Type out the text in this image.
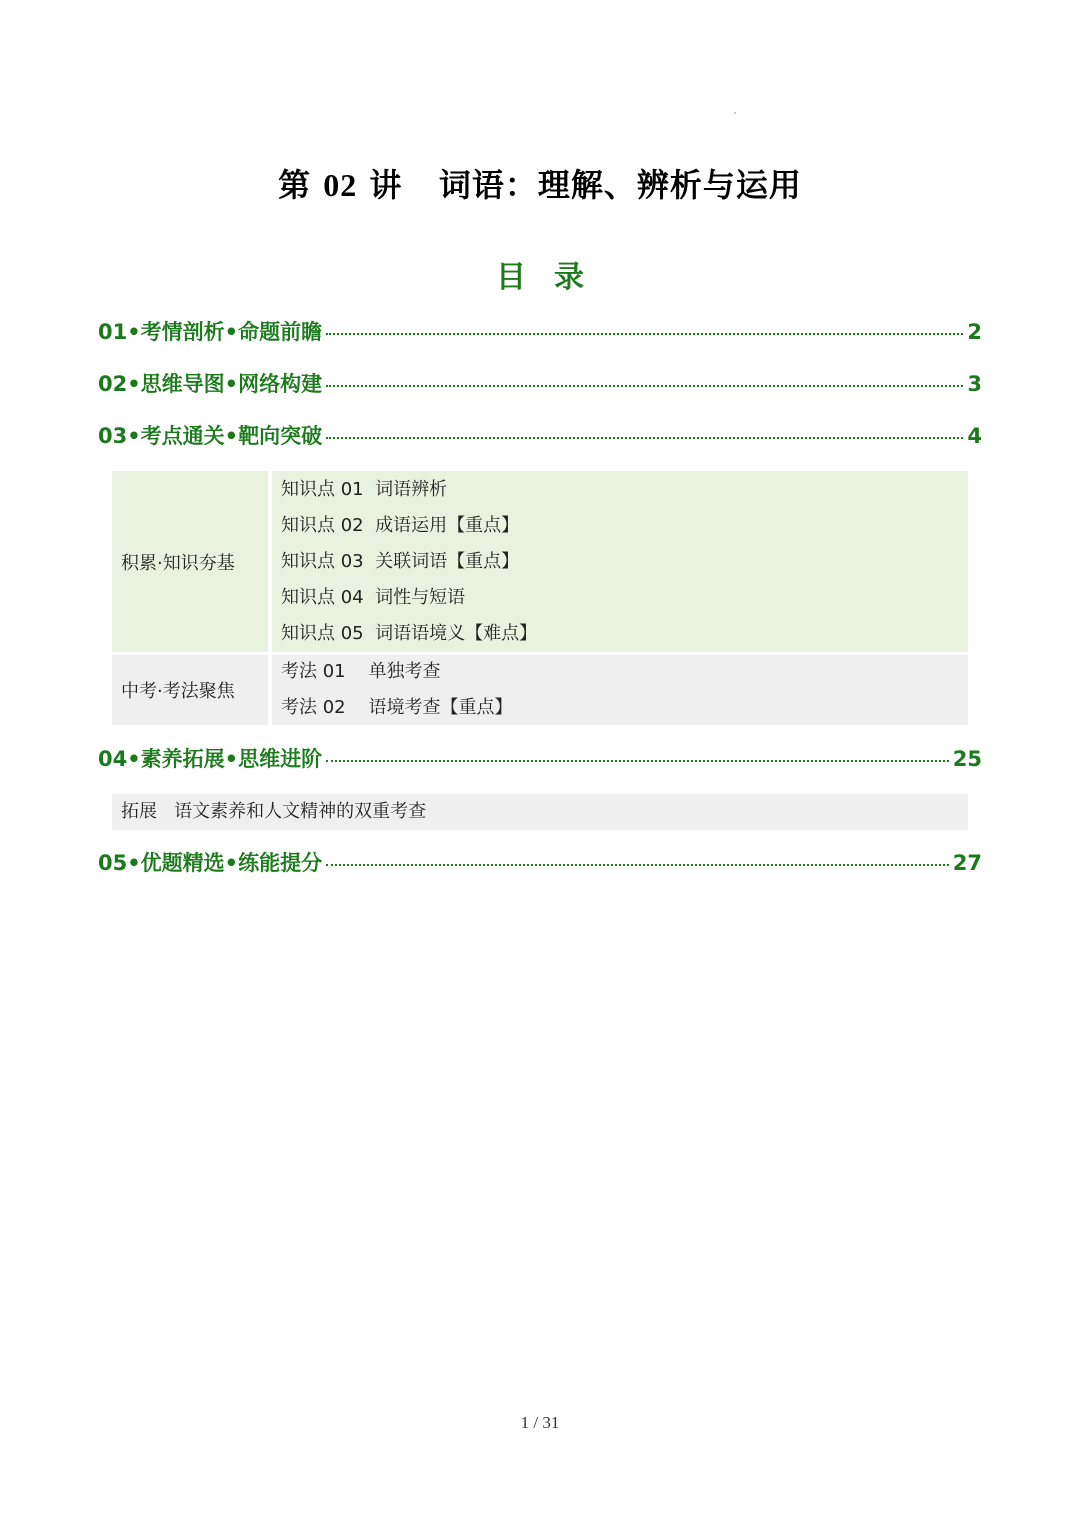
第 02 讲   词语：理解、辨析与运用
目录
01•考情剖析•命题前瞻	2
02•思维导图•网络构建	3
03•考点通关•靶向突破	4
积累·知识夯基
知识点 01  词语辨析
知识点 02  成语运用【重点】
知识点 03  关联词语【重点】
知识点 04  词性与短语
知识点 05  词语语境义【难点】
中考·考法聚焦
考法 01    单独考查
考法 02    语境考查【重点】
04•素养拓展•思维进阶	25
拓展   语文素养和人文精神的双重考查
05•优题精选•练能提分	27
1 / 31
